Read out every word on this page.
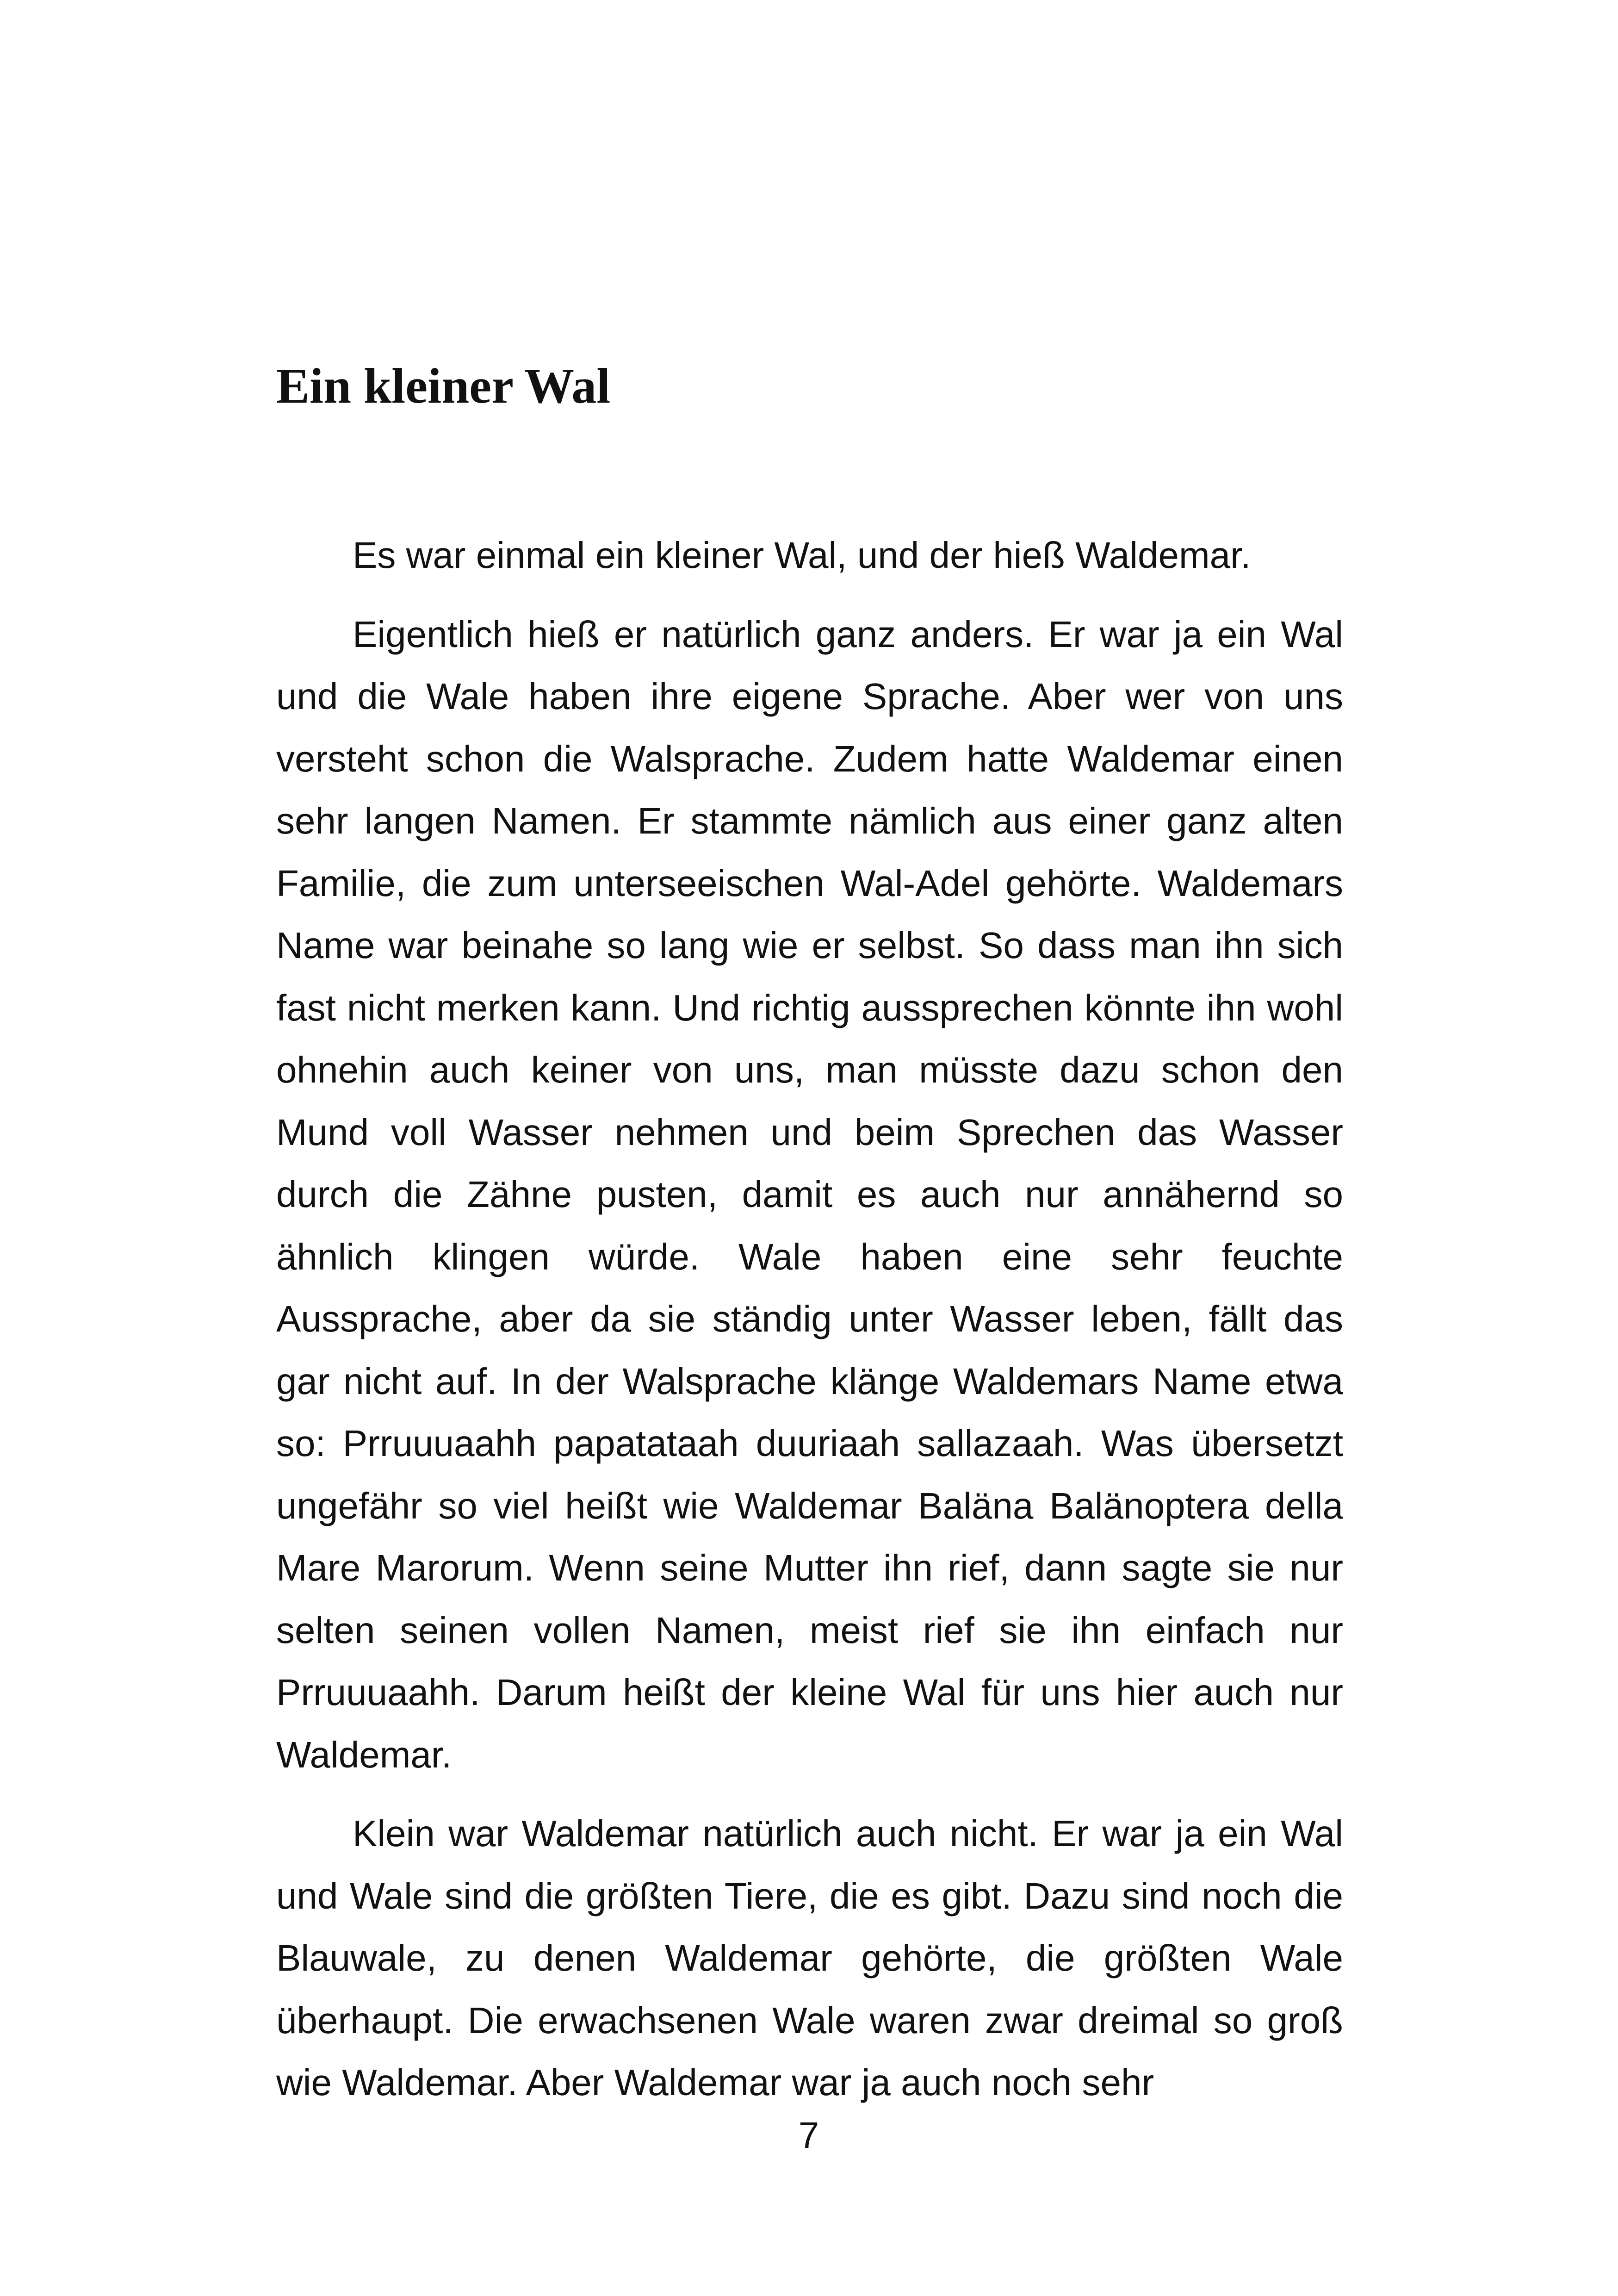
Ein kleiner Wal

Es war einmal ein kleiner Wal, und der hieß Waldemar.

Eigentlich hieß er natürlich ganz anders. Er war ja ein Wal und die Wale haben ihre eigene Sprache. Aber wer von uns versteht schon die Walsprache. Zudem hatte Waldemar einen sehr langen Namen. Er stammte nämlich aus einer ganz alten Familie, die zum unterseeischen Wal-Adel gehörte. Waldemars Name war beinahe so lang wie er selbst. So dass man ihn sich fast nicht merken kann. Und richtig aussprechen könnte ihn wohl ohnehin auch keiner von uns, man müsste dazu schon den Mund voll Wasser nehmen und beim Sprechen das Wasser durch die Zähne pusten, damit es auch nur annähernd so ähnlich klingen würde. Wale haben eine sehr feuchte Aussprache, aber da sie ständig unter Wasser leben, fällt das gar nicht auf. In der Walsprache klänge Waldemars Name etwa so: Prruuuaahh papatataah duuriaah sallazaah. Was übersetzt ungefähr so viel heißt wie Waldemar Baläna Balänoptera della Mare Marorum. Wenn seine Mutter ihn rief, dann sagte sie nur selten seinen vollen Namen, meist rief sie ihn einfach nur Prruuuaahh. Darum heißt der kleine Wal für uns hier auch nur Waldemar.

Klein war Waldemar natürlich auch nicht. Er war ja ein Wal und Wale sind die größten Tiere, die es gibt. Dazu sind noch die Blauwale, zu denen Waldemar gehörte, die größten Wale überhaupt. Die erwachsenen Wale waren zwar dreimal so groß wie Waldemar. Aber Waldemar war ja auch noch sehr

7
